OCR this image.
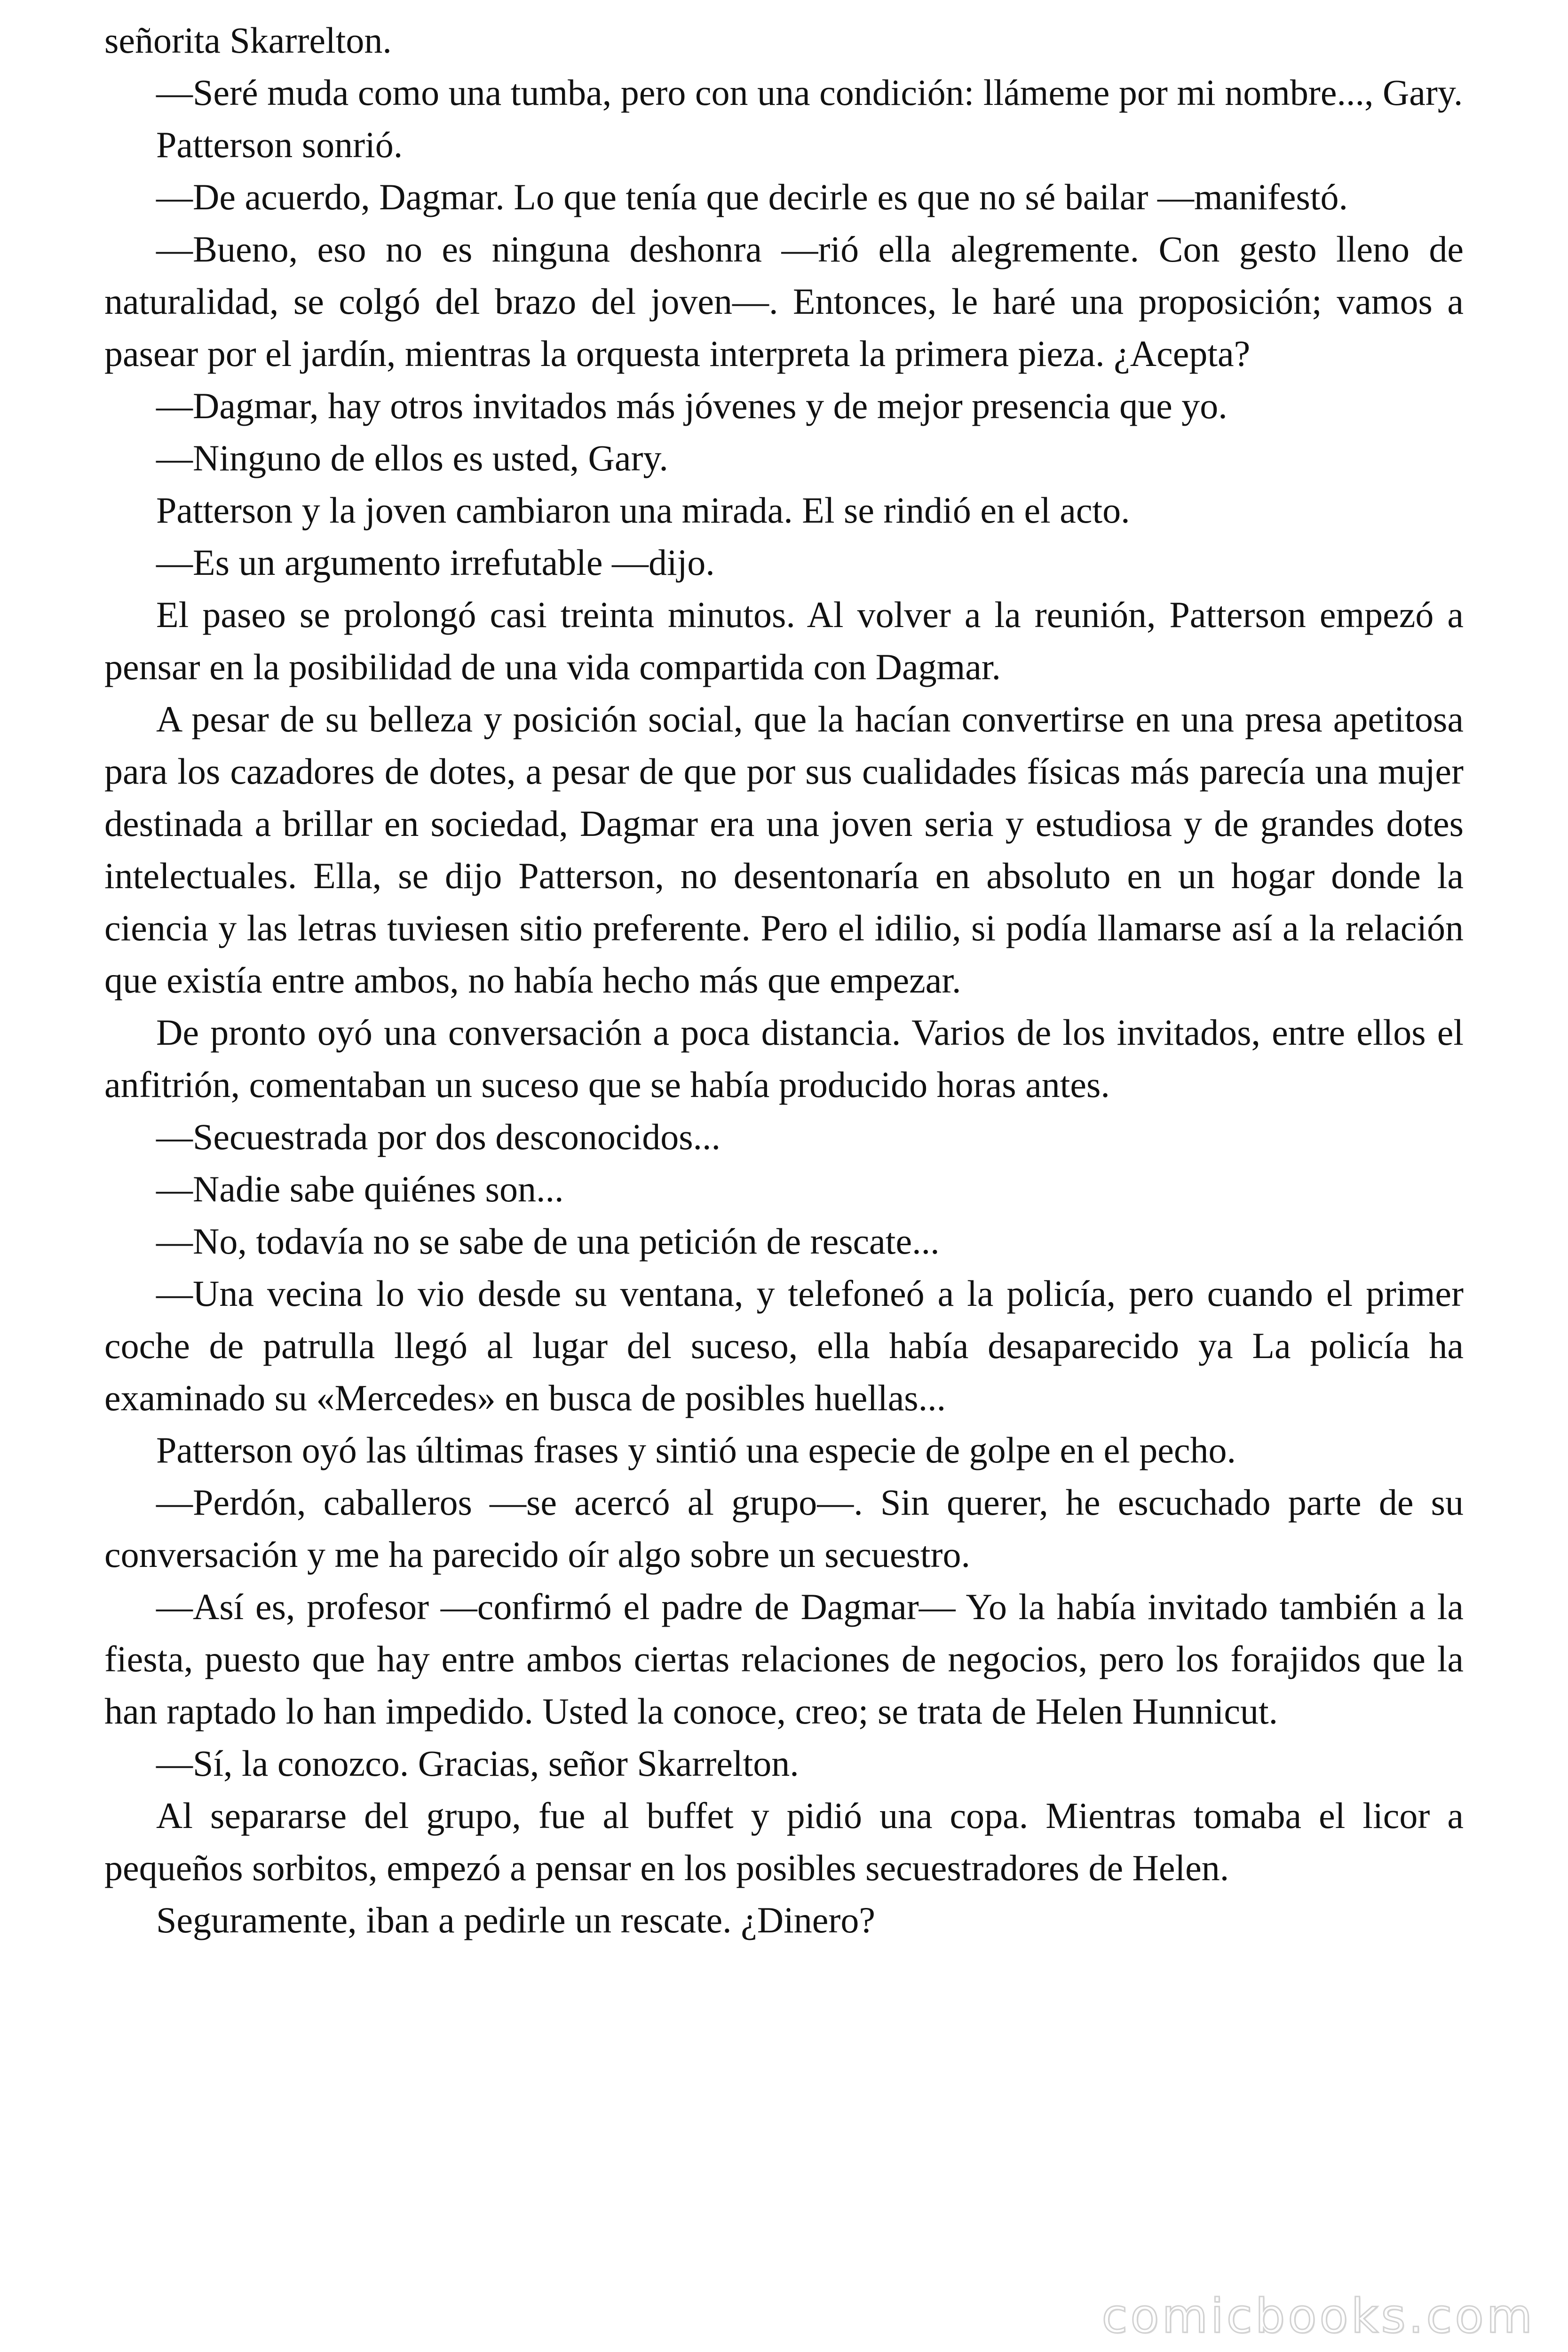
señorita Skarrelton.

—Seré muda como una tumba, pero con una condición: llámeme por mi nombre..., Gary.

Patterson sonrió.

—De acuerdo, Dagmar. Lo que tenía que decirle es que no sé bailar —manifestó.

—Bueno, eso no es ninguna deshonra —rió ella alegremente. Con gesto lleno de naturalidad, se colgó del brazo del joven—. Entonces, le haré una proposición; vamos a pasear por el jardín, mientras la orquesta interpreta la primera pieza. ¿Acepta?

—Dagmar, hay otros invitados más jóvenes y de mejor presencia que yo.

—Ninguno de ellos es usted, Gary.

Patterson y la joven cambiaron una mirada. El se rindió en el acto.

—Es un argumento irrefutable —dijo.

El paseo se prolongó casi treinta minutos. Al volver a la reunión, Patterson empezó a pensar en la posibilidad de una vida compartida con Dagmar.

A pesar de su belleza y posición social, que la hacían convertirse en una presa apetitosa para los cazadores de dotes, a pesar de que por sus cualidades físicas más parecía una mujer destinada a brillar en sociedad, Dagmar era una joven seria y estudiosa y de grandes dotes intelectuales. Ella, se dijo Patterson, no desentonaría en absoluto en un hogar donde la ciencia y las letras tuviesen sitio preferente. Pero el idilio, si podía llamarse así a la relación que existía entre ambos, no había hecho más que empezar.

De pronto oyó una conversación a poca distancia. Varios de los invitados, entre ellos el anfitrión, comentaban un suceso que se había producido horas antes.

—Secuestrada por dos desconocidos...

—Nadie sabe quiénes son...

—No, todavía no se sabe de una petición de rescate...

—Una vecina lo vio desde su ventana, y telefoneó a la policía, pero cuando el primer coche de patrulla llegó al lugar del suceso, ella había desaparecido ya La policía ha examinado su «Mercedes» en busca de posibles huellas...

Patterson oyó las últimas frases y sintió una especie de golpe en el pecho.

—Perdón, caballeros —se acercó al grupo—. Sin querer, he escuchado parte de su conversación y me ha parecido oír algo sobre un secuestro.

—Así es, profesor —confirmó el padre de Dagmar— Yo la había invitado también a la fiesta, puesto que hay entre ambos ciertas relaciones de negocios, pero los forajidos que la han raptado lo han impedido. Usted la conoce, creo; se trata de Helen Hunnicut.

—Sí, la conozco. Gracias, señor Skarrelton.

Al separarse del grupo, fue al buffet y pidió una copa. Mientras tomaba el licor a pequeños sorbitos, empezó a pensar en los posibles secuestradores de Helen.

Seguramente, iban a pedirle un rescate. ¿Dinero?

comicbooks.com
